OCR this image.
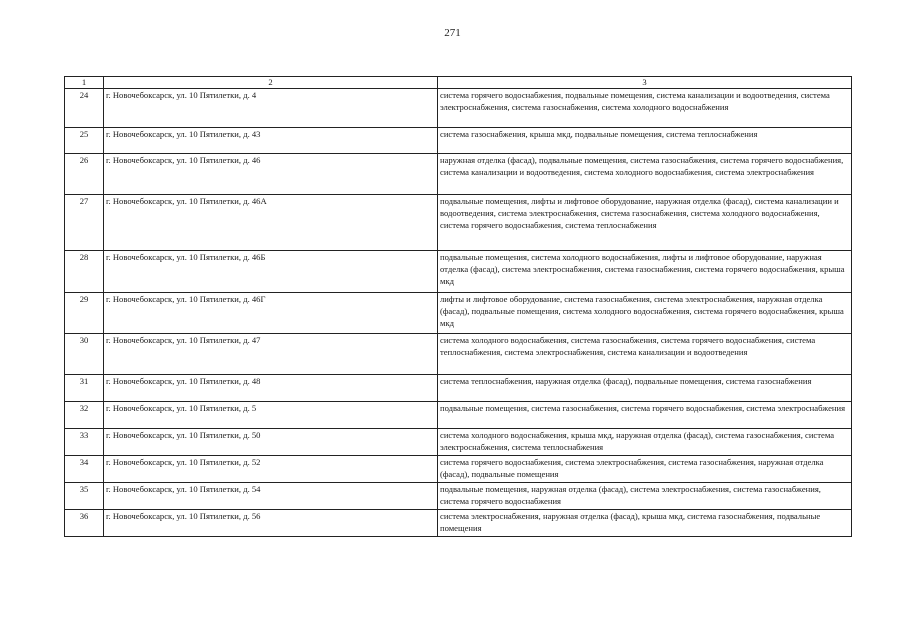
271
1	2	3
24	г. Новочебоксарск, ул. 10 Пятилетки, д. 4	система горячего водоснабжения, подвальные помещения, система канализации и водоотведения, система электроснабжения, система газоснабжения, система холодного водоснабжения
25	г. Новочебоксарск, ул. 10 Пятилетки, д. 43	система газоснабжения, крыша мкд, подвальные помещения, система теплоснабжения
26	г. Новочебоксарск, ул. 10 Пятилетки, д. 46	наружная отделка (фасад), подвальные помещения, система газоснабжения, система горячего водоснабжения, система канализации и водоотведения, система холодного водоснабжения, система электроснабжения
27	г. Новочебоксарск, ул. 10 Пятилетки, д. 46А	подвальные помещения, лифты и лифтовое оборудование, наружная отделка (фасад), система канализации и водоотведения, система электроснабжения, система газоснабжения, система холодного водоснабжения, система горячего водоснабжения, система теплоснабжения
28	г. Новочебоксарск, ул. 10 Пятилетки, д. 46Б	подвальные помещения, система холодного водоснабжения, лифты и лифтовое оборудование, наружная отделка (фасад), система электроснабжения, система газоснабжения, система горячего водоснабжения, крыша мкд
29	г. Новочебоксарск, ул. 10 Пятилетки, д. 46Г	лифты и лифтовое оборудование, система газоснабжения, система электроснабжения, наружная отделка (фасад), подвальные помещения, система холодного водоснабжения, система горячего водоснабжения, крыша мкд
30	г. Новочебоксарск, ул. 10 Пятилетки, д. 47	система холодного водоснабжения, система газоснабжения, система горячего водоснабжения, система теплоснабжения, система электроснабжения, система канализации и водоотведения
31	г. Новочебоксарск, ул. 10 Пятилетки, д. 48	система теплоснабжения, наружная отделка (фасад), подвальные помещения, система газоснабжения
32	г. Новочебоксарск, ул. 10 Пятилетки, д. 5	подвальные помещения, система газоснабжения, система горячего водоснабжения, система электроснабжения
33	г. Новочебоксарск, ул. 10 Пятилетки, д. 50	система холодного водоснабжения, крыша мкд, наружная отделка (фасад), система газоснабжения, система электроснабжения, система теплоснабжения
34	г. Новочебоксарск, ул. 10 Пятилетки, д. 52	система горячего водоснабжения, система электроснабжения, система газоснабжения, наружная отделка (фасад), подвальные помещения
35	г. Новочебоксарск, ул. 10 Пятилетки, д. 54	подвальные помещения, наружная отделка (фасад), система электроснабжения, система газоснабжения, система горячего водоснабжения
36	г. Новочебоксарск, ул. 10 Пятилетки, д. 56	система электроснабжения, наружная отделка (фасад), крыша мкд, система газоснабжения, подвальные помещения
